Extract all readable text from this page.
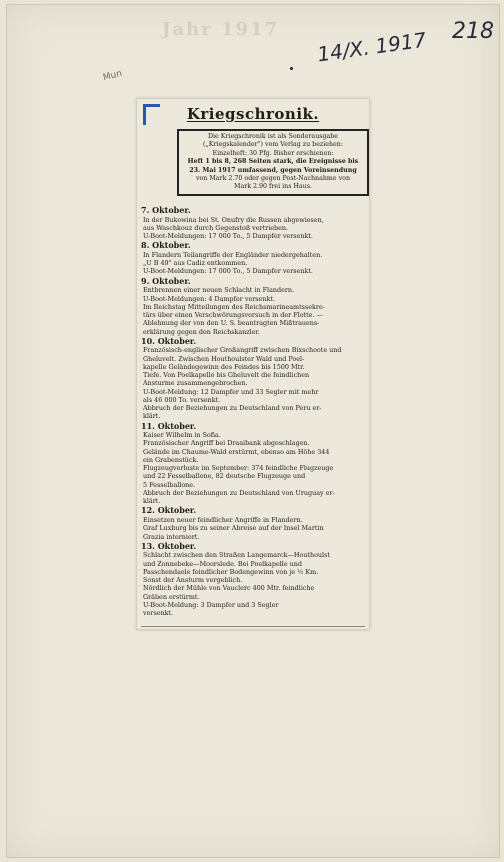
Jahr 1917 14/X. 1917 218
Mun
Kriegschronik.
Die Kriegschronik ist als Sonderausgabe
(„Kriegskalender") vom Verlag zu beziehen:
Einzelheft: 30 Pfg. Bisher erschienen:
Heft 1 bis 8, 268 Seiten stark, die Ereignisse bis
23. Mai 1917 umfassend, gegen Voreinsendung
von Mark 2.70 oder gegen Post-Nachnahme von
Mark 2.90 frei ins Haus.
7. Oktober.
In der Bukowina bei St. Onufry die Russen abgewiesen,
aus Waschkouz durch Gegenstoß vertrieben.
U-Boot-Meldungen: 17 000 To., 5 Dampfer versenkt.
8. Oktober.
In Flandern Teilangriffe der Engländer niedergehalten.
„U B 49" aus Cadiz entkommen.
U-Boot-Meldungen: 17 000 To., 5 Dampfer versenkt.
9. Oktober.
Entbrennen einer neuen Schlacht in Flandern.
U-Boot-Meldungen: 4 Dampfer versenkt.
Im Reichstag Mitteilungen des Reichsmarineamtssekre-
tärs über einen Verschwörungsversuch in der Flotte. —
Ablehnung der von den U. S. beantragten Mißtrauens-
erklärung gegen den Reichskanzler.
10. Oktober.
Französisch-englischer Großangriff zwischen Bixschoote und
Gheluvelt. Zwischen Houthoulster Wald und Poel-
kapelle Geländegewinn des Feindes bis 1500 Mtr.
Tiefe. Von Poelkapelle bis Gheluvelt die feindlichen
Ansturme zusammengebrochen.
U-Boot-Meldung: 12 Dampfer und 33 Segler mit mehr
als 46 000 To. versenkt.
Abbruch der Beziehungen zu Deutschland von Peru er-
klärt.
11. Oktober.
Kaiser Wilhelm in Sofia.
Französischer Angriff bei Draaibank abgeschlagen.
Gelände im Chaume-Wald erstürmt, ebenso am Höhe 344
ein Grabenstück.
Flugzeugverluste im September: 374 feindliche Flugzeuge
und 22 Fesselballone, 82 deutsche Flugzeuge und
5 Fesselballone.
Abbruch der Beziehungen zu Deutschland von Uruguay er-
klärt.
12. Oktober.
Einsetzen neuer feindlicher Angriffe in Flandern.
Graf Luxburg bis zu seiner Abreise auf der Insel Martin
Grazia interniert.
13. Oktober.
Schlacht zwischen den Straßen Langemarck—Houthoulst
und Zonnebeke—Moorslede. Bei Poelkapelle und
Passchendaele feindlicher Bodengewinn von je ½ Km.
Sonst der Ansturm vergeblich.
Nördlich der Mühle von Vauclerc 400 Mtr. feindliche
Gräben erstürmt.
U-Boot-Meldung: 3 Dampfer und 3 Segler
versenkt.
